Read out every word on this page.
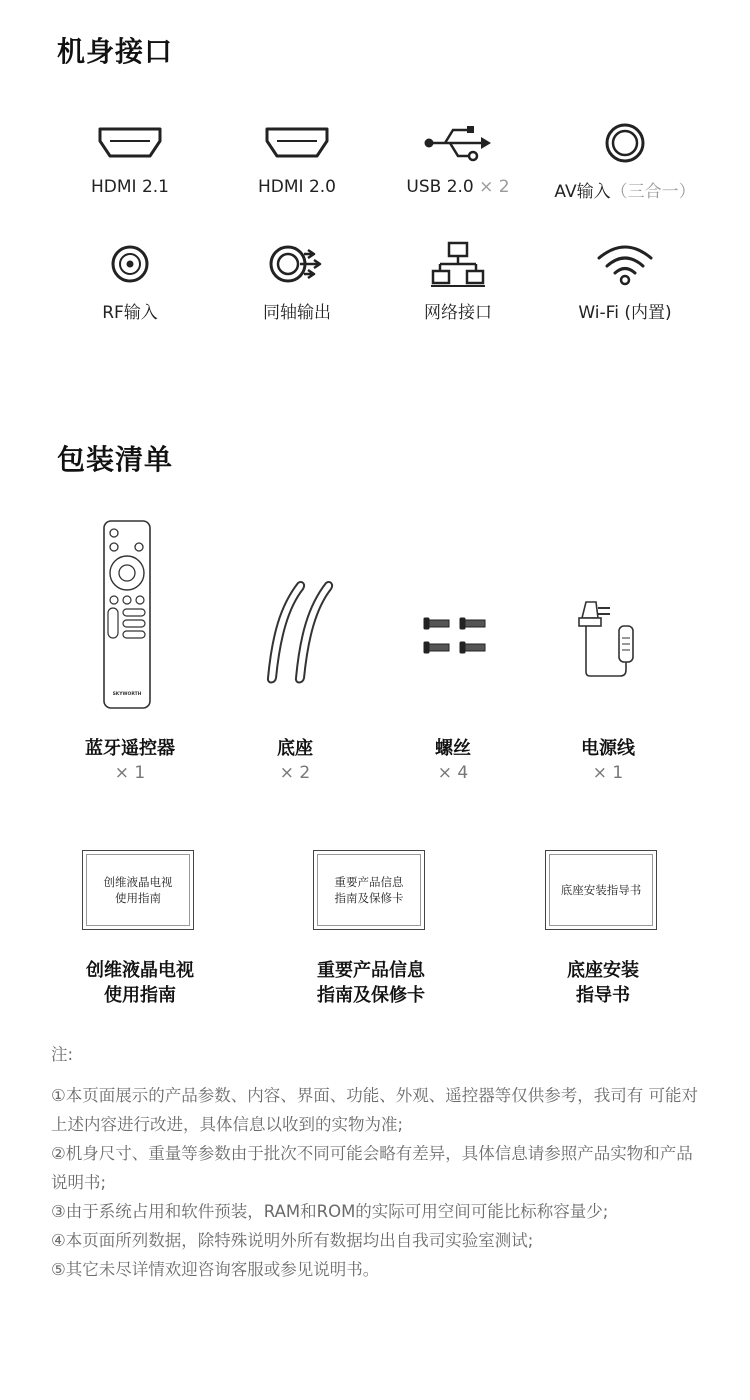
机身接口
HDMI 2.1	HDMI 2.0	USB 2.0 × 2	AV输入（三合一）
RF输入	同轴输出	网络接口	Wi-Fi (内置)
包装清单
SKYWORTH
蓝牙遥控器
× 1
底座
× 2
螺丝
× 4
电源线
× 1
创维液晶电视
使用指南
重要产品信息
指南及保修卡
底座安装指导书
创维液晶电视
使用指南
重要产品信息
指南及保修卡
底座安装
指导书
注:

①本页面展示的产品参数、内容、界面、功能、外观、遥控器等仅供参考，我司有 可能对上述内容进行改进，具体信息以收到的实物为准;

②机身尺寸、重量等参数由于批次不同可能会略有差异，具体信息请参照产品实物和产品说明书;

③由于系统占用和软件预装，RAM和ROM的实际可用空间可能比标称容量少;

④本页面所列数据，除特殊说明外所有数据均出自我司实验室测试;

⑤其它未尽详情欢迎咨询客服或参见说明书。
